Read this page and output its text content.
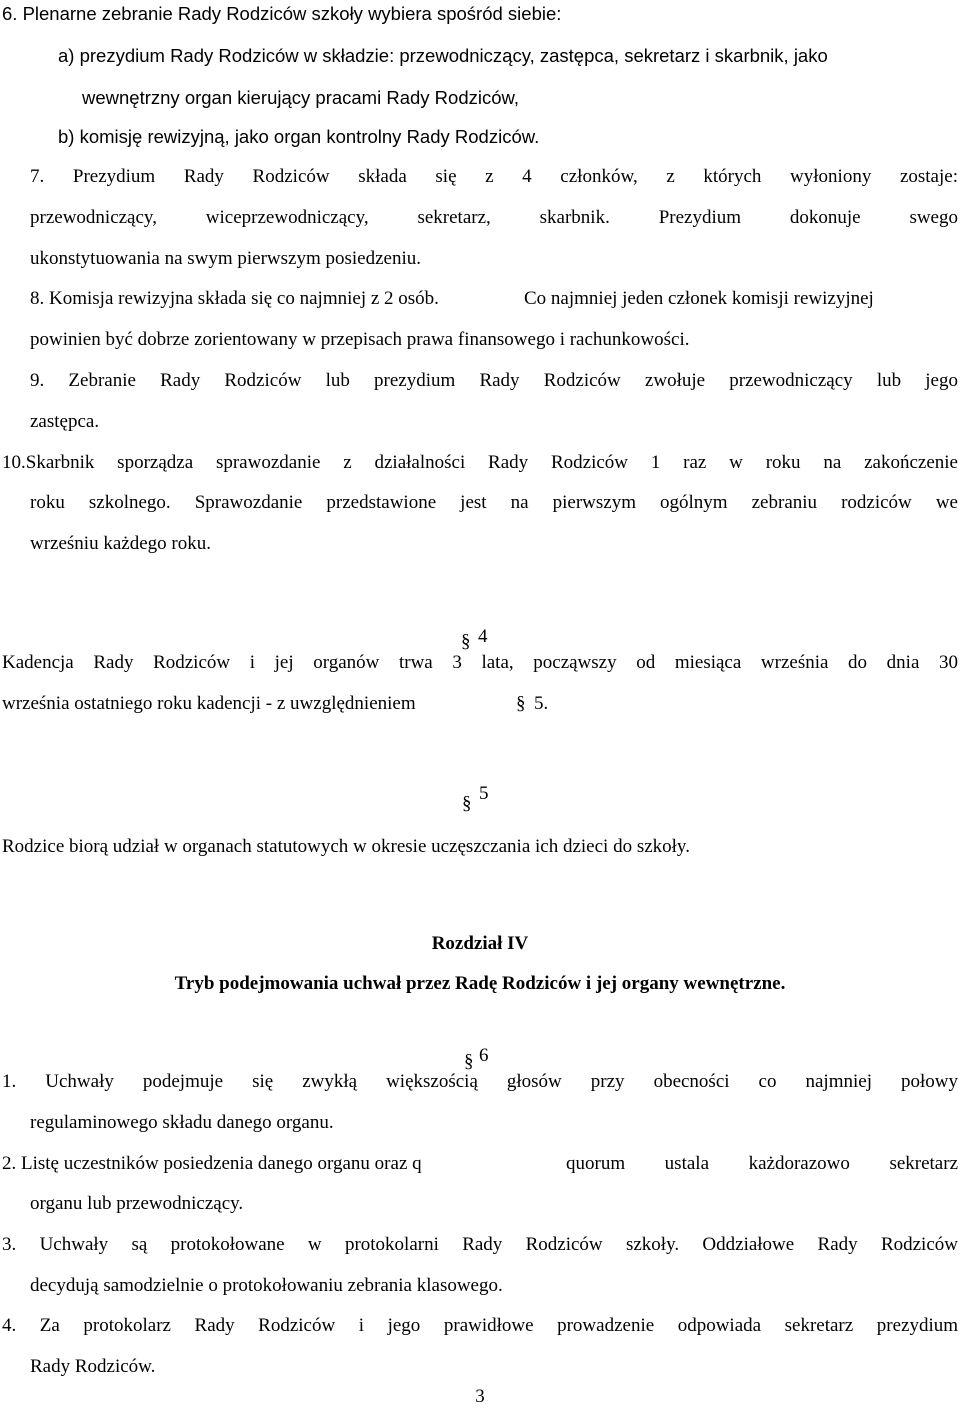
6. Plenarne zebranie Rady Rodziców szkoły wybiera spośród siebie:
a) prezydium Rady Rodziców w składzie: przewodniczący, zastępca, sekretarz i skarbnik, jako
wewnętrzny organ kierujący pracami Rady Rodziców,
b) komisję rewizyjną, jako organ kontrolny Rady Rodziców.
7. Prezydium Rady Rodziców składa się z 4 członków, z których wyłoniony zostaje:
przewodniczący, wiceprzewodniczący, sekretarz, skarbnik. Prezydium dokonuje swego
ukonstytuowania na swym pierwszym posiedzeniu.
8. Komisja rewizyjna składa się co najmniej z 2 osób.	Co najmniej jeden członek komisji rewizyjnej
powinien być dobrze zorientowany w przepisach prawa finansowego i rachunkowości.
9. Zebranie Rady Rodziców lub prezydium Rady Rodziców zwołuje przewodniczący lub jego
zastępca.
10.Skarbnik sporządza sprawozdanie z działalności Rady Rodziców 1 raz w roku na zakończenie
roku szkolnego. Sprawozdanie przedstawione jest na pierwszym ogólnym zebraniu rodziców we
wrześniu każdego roku.
§ 4
Kadencja Rady Rodziców i jej organów trwa 3 lata, począwszy od miesiąca września do dnia 30
września ostatniego roku kadencji - z uwzględnieniem	§ 5.
§ 5
Rodzice biorą udział w organach statutowych w okresie uczęszczania ich dzieci do szkoły.
Rozdział IV
Tryb podejmowania uchwał przez Radę Rodziców i jej organy wewnętrzne.
§ 6
1. Uchwały podejmuje się zwykłą większością głosów przy obecności co najmniej połowy
regulaminowego składu danego organu.
2. Listę uczestników posiedzenia danego organu oraz q	quorum ustala każdorazowo sekretarz
organu lub przewodniczący.
3. Uchwały są protokołowane w protokolarni Rady Rodziców szkoły. Oddziałowe Rady Rodziców
decydują samodzielnie o protokołowaniu zebrania klasowego.
4. Za protokolarz Rady Rodziców i jego prawidłowe prowadzenie odpowiada sekretarz prezydium
Rady Rodziców.
3
